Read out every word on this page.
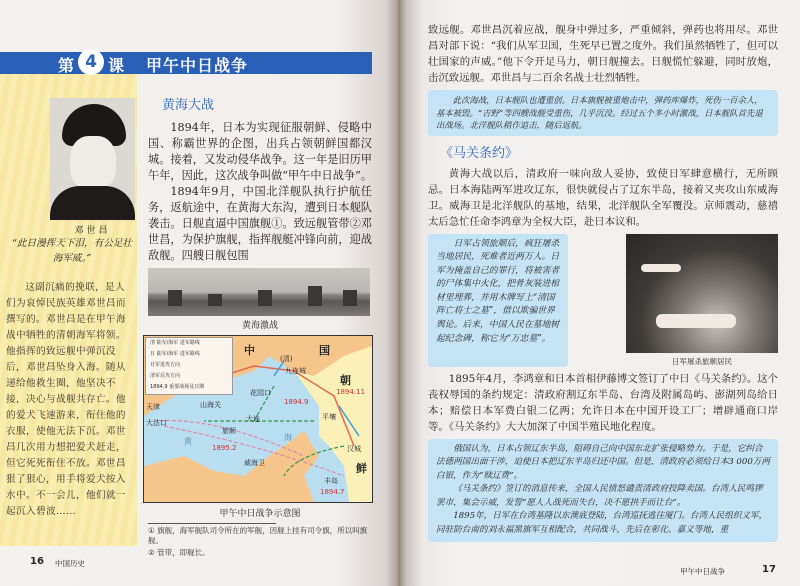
第 4 课 甲午中日战争
邓世昌
“此日漫挥天下泪，有公足壮海军威。”
这副沉痛的挽联，是人们为哀悼民族英雄邓世昌而撰写的。邓世昌是在甲午海战中牺牲的清朝海军将领。他指挥的致远舰中弹沉没后，邓世昌坠身入海。随从递给他救生圈，他坚决不接，决心与战舰共存亡。他的爱犬飞速游来，衔住他的衣服，使他无法下沉。邓世昌几次用力想把爱犬赶走，但它死死衔住不放。邓世昌狠了狠心，用手将爱犬按入水中。不一会儿，他们就一起沉入碧波……
黄海大战
1894年，日本为实现征服朝鲜、侵略中国、称霸世界的企图，出兵占领朝鲜国都汉城。接着，又发动侵华战争。这一年是旧历甲午年，因此，这次战争叫做“甲午中日战争”。
1894年9月，中国北洋舰队执行护航任务，返航途中，在黄海大东沟，遭到日本舰队袭击。日舰直逼中国旗舰①。致远舰管带②邓世昌，为保护旗舰，指挥舰艇冲锋向前，迎战敌舰。四艘日舰包围
黄海激战
清 陆军/海军 进军路线
日 陆军/海军 进军路线
日军进攻方向
清军反攻方向
1894.9 重要战场及日期
中	国
(清)
朝
鲜
山海关
天津
大沽口
旅顺
大连
花园口
九连城
平壤
汉城
威海卫
黄	海
1894.9
1894.11
1895.2
1894.7
丰岛
甲午中日战争示意图
① 旗舰，海军舰队司令所在的军舰，因舰上挂有司令旗，所以叫旗舰。
② 管带，即舰长。
16 中国历史
致远舰。邓世昌沉着应战，舰身中弹过多，严重倾斜，弹药也将用尽。邓世昌对部下说：“我们从军卫国，生死早已置之度外。我们虽然牺牲了，但可以壮国家的声威。”他下令开足马力，朝日舰撞去。日舰慌忙躲避，同时放炮，击沉致远舰。邓世昌与二百余名战士壮烈牺牲。

此次海战，日本舰队也遭重创。日本旗舰被重炮击中，弹药库爆炸，死伤一百余人，基本被毁。“吉野”等四艘战舰受重伤，几乎沉没。经过五个多小时激战，日本舰队首先退出战场。北洋舰队稍作追击，随后返航。

《马关条约》
黄海大战以后，清政府一味向敌人妥协，致使日军肆意横行，无所顾忌。日本海陆两军进攻辽东，很快就侵占了辽东半岛，接着又夹攻山东威海卫。威海卫是北洋舰队的基地，结果，北洋舰队全军覆没。京师震动，慈禧太后急忙任命李鸿章为全权大臣，赴日本议和。

日军占领旅顺后，疯狂屠杀当地居民，死难者近两万人。日军为掩盖自己的罪行，将被害者的尸体集中火化，把骨灰装进棺材里埋葬，并用木牌写上“清国阵亡将士之墓”，借以欺骗世界舆论。后来，中国人民在墓地树起纪念碑，称它为“万忠墓”。

日军屠杀旅顺居民
1895年4月，李鸿章和日本首相伊藤博文签订了中日《马关条约》。这个丧权辱国的条约规定：清政府割辽东半岛、台湾及附属岛屿、澎湖列岛给日本；赔偿日本军费白银二亿两；允许日本在中国开设工厂；增辟通商口岸等。《马关条约》大大加深了中国半殖民地化程度。

俄国认为，日本占领辽东半岛，阻碍自己向中国东北扩张侵略势力。于是，它纠合法德两国出面干涉，迫使日本把辽东半岛归还中国。但是，清政府必须给日本3 000万两白银，作为“赎辽费”。

《马关条约》签订的消息传来，全国人民愤怒谴责清政府投降卖国。台湾人民鸣锣罢市，集会示威，发誓“愿人人战死而失台，决不愿拱手而让台”。

1895年，日军在台湾基隆以东澳底登陆，台湾巡抚逃往厦门。台湾人民组织义军，同驻防台南的刘永福黑旗军互相配合，共同战斗，先后在彰化、嘉义等地，重

甲午中日战争	17
